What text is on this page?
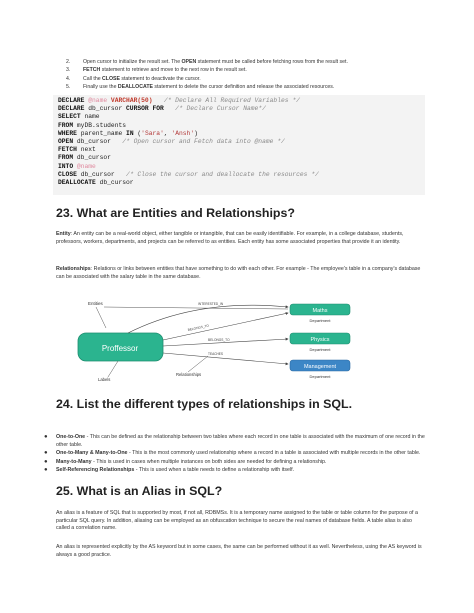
2.	Open cursor to initialize the result set. The OPEN statement must be called before fetching rows from the result set.
3.	FETCH statement to retrieve and move to the next row in the result set.
4.	Call the CLOSE statement to deactivate the cursor.
5.	Finally use the DEALLOCATE statement to delete the cursor definition and release the associated resources.
DECLARE @name VARCHAR(50) /* Declare All Required Variables */
DECLARE db_cursor CURSOR FOR /* Declare Cursor Name*/
SELECT name
FROM myDB.students
WHERE parent_name IN ('Sara', 'Ansh')
OPEN db_cursor /* Open cursor and Fetch data into @name */
FETCH next
FROM db_cursor
INTO @name
CLOSE db_cursor /* Close the cursor and deallocate the resources */
DEALLOCATE db_cursor
23. What are Entities and Relationships?
Entity: An entity can be a real-world object, either tangible or intangible, that can be easily identifiable. For example, in a college database, students, professors, workers, departments, and projects can be referred to as entities. Each entity has some associated properties that provide it an identity.
Relationships: Relations or links between entities that have something to do with each other. For example - The employee's table in a company's database can be associated with the salary table in the same database.
Entities
Proffessor
Maths
Department
Physics
Department
Management
Department
INTERESTED_IN
BELONGS_TO
BELONGS_TO
TEACHES
Relationships
Labels
24. List the different types of relationships in SQL.
●	One-to-One - This can be defined as the relationship between two tables where each record in one table is associated with the maximum of one record in the other table.
●	One-to-Many & Many-to-One - This is the most commonly used relationship where a record in a table is associated with multiple records in the other table.
●	Many-to-Many - This is used in cases when multiple instances on both sides are needed for defining a relationship.
●	Self-Referencing Relationships - This is used when a table needs to define a relationship with itself.
25. What is an Alias in SQL?
An alias is a feature of SQL that is supported by most, if not all, RDBMSs. It is a temporary name assigned to the table or table column for the purpose of a particular SQL query. In addition, aliasing can be employed as an obfuscation technique to secure the real names of database fields. A table alias is also called a correlation name.
An alias is represented explicitly by the AS keyword but in some cases, the same can be performed without it as well. Nevertheless, using the AS keyword is always a good practice.
